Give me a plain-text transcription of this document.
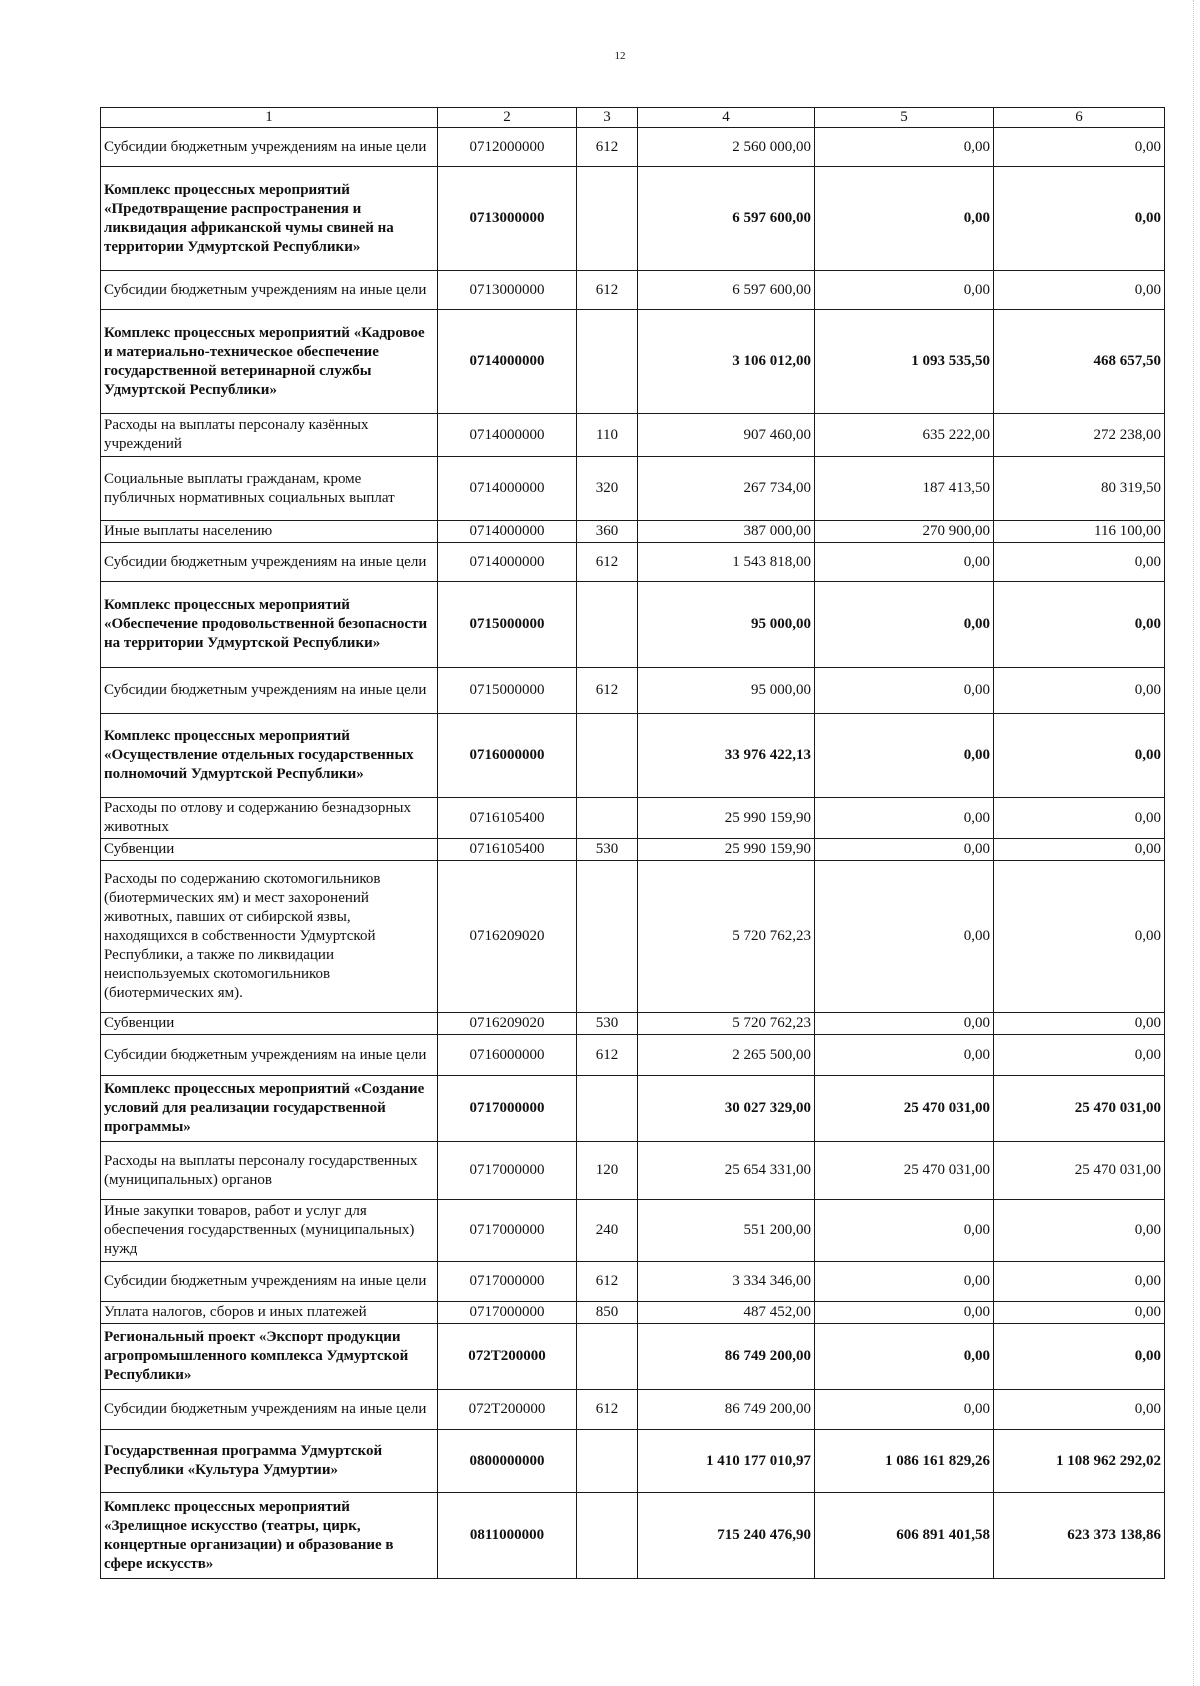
12
1	2	3	4	5	6
Субсидии бюджетным учреждениям на иные цели	0712000000	612	2 560 000,00	0,00	0,00
Комплекс процессных мероприятий «Предотвращение распространения и ликвидация африканской чумы свиней на территории Удмуртской Республики»	0713000000		6 597 600,00	0,00	0,00
Субсидии бюджетным учреждениям на иные цели	0713000000	612	6 597 600,00	0,00	0,00
Комплекс процессных мероприятий «Кадровое и материально-техническое обеспечение государственной ветеринарной службы Удмуртской Республики»	0714000000		3 106 012,00	1 093 535,50	468 657,50
Расходы на выплаты персоналу казённых учреждений	0714000000	110	907 460,00	635 222,00	272 238,00
Социальные выплаты гражданам, кроме публичных нормативных социальных выплат	0714000000	320	267 734,00	187 413,50	80 319,50
Иные выплаты населению	0714000000	360	387 000,00	270 900,00	116 100,00
Субсидии бюджетным учреждениям на иные цели	0714000000	612	1 543 818,00	0,00	0,00
Комплекс процессных мероприятий «Обеспечение продовольственной безопасности на территории Удмуртской Республики»	0715000000		95 000,00	0,00	0,00
Субсидии бюджетным учреждениям на иные цели	0715000000	612	95 000,00	0,00	0,00
Комплекс процессных мероприятий «Осуществление отдельных государственных полномочий Удмуртской Республики»	0716000000		33 976 422,13	0,00	0,00
Расходы по отлову и содержанию безнадзорных животных	0716105400		25 990 159,90	0,00	0,00
Субвенции	0716105400	530	25 990 159,90	0,00	0,00
Расходы по содержанию скотомогильников (биотермических ям) и мест захоронений животных, павших от сибирской язвы, находящихся в собственности Удмуртской Республики, а также по ликвидации неиспользуемых скотомогильников (биотермических ям).	0716209020		5 720 762,23	0,00	0,00
Субвенции	0716209020	530	5 720 762,23	0,00	0,00
Субсидии бюджетным учреждениям на иные цели	0716000000	612	2 265 500,00	0,00	0,00
Комплекс процессных мероприятий «Создание условий для реализации государственной программы»	0717000000		30 027 329,00	25 470 031,00	25 470 031,00
Расходы на выплаты персоналу государственных (муниципальных) органов	0717000000	120	25 654 331,00	25 470 031,00	25 470 031,00
Иные закупки товаров, работ и услуг для обеспечения государственных (муниципальных) нужд	0717000000	240	551 200,00	0,00	0,00
Субсидии бюджетным учреждениям на иные цели	0717000000	612	3 334 346,00	0,00	0,00
Уплата налогов, сборов и иных платежей	0717000000	850	487 452,00	0,00	0,00
Региональный проект «Экспорт продукции агропромышленного комплекса Удмуртской Республики»	072T200000		86 749 200,00	0,00	0,00
Субсидии бюджетным учреждениям на иные цели	072T200000	612	86 749 200,00	0,00	0,00
Государственная программа Удмуртской Республики «Культура Удмуртии»	0800000000		1 410 177 010,97	1 086 161 829,26	1 108 962 292,02
Комплекс процессных мероприятий «Зрелищное искусство (театры, цирк, концертные организации) и образование в сфере искусств»	0811000000		715 240 476,90	606 891 401,58	623 373 138,86
